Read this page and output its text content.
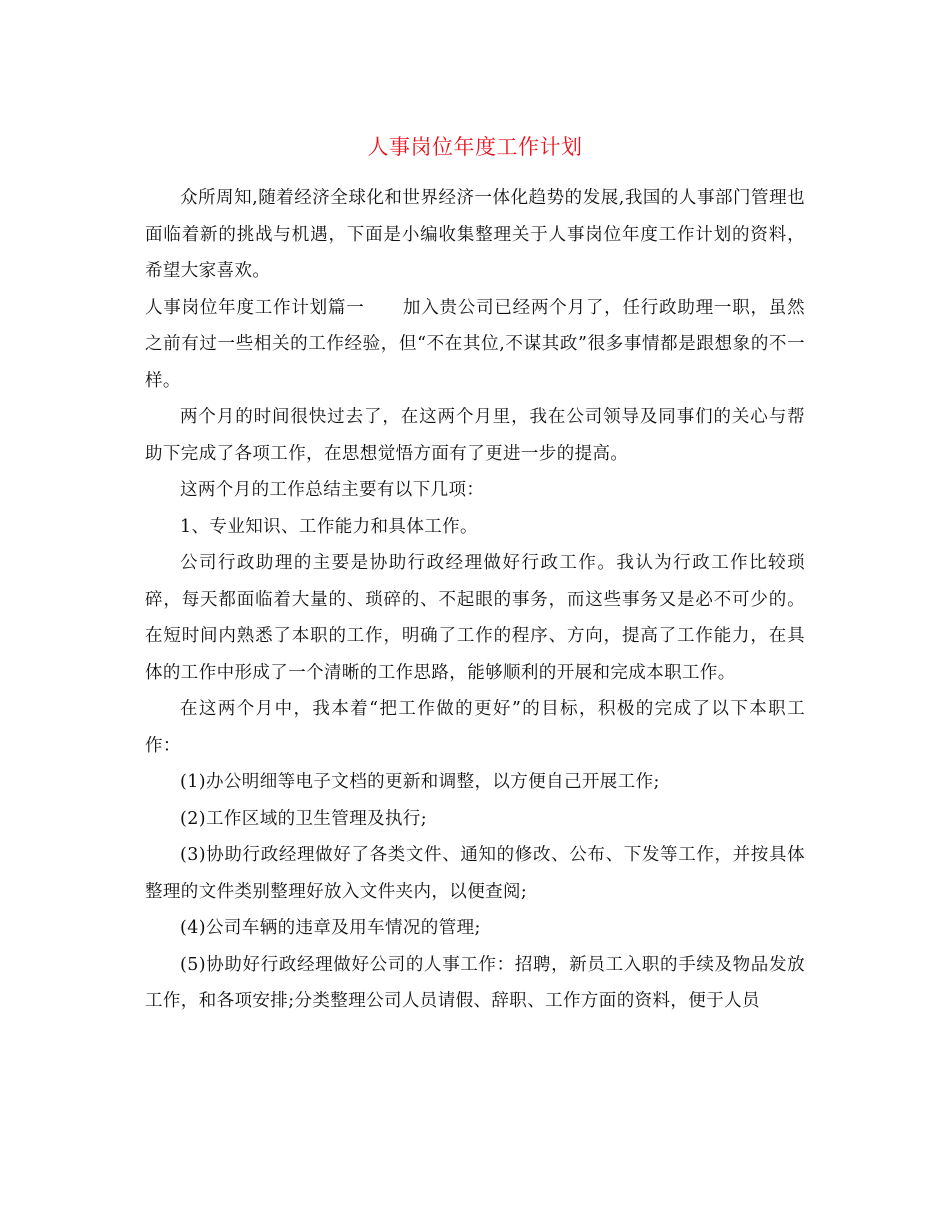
人事岗位年度工作计划

众所周知,随着经济全球化和世界经济一体化趋势的发展,我国的人事部门管理也面临着新的挑战与机遇，下面是小编收集整理关于人事岗位年度工作计划的资料，希望大家喜欢。

人事岗位年度工作计划篇一 加入贵公司已经两个月了，任行政助理一职，虽然之前有过一些相关的工作经验，但“不在其位,不谋其政”很多事情都是跟想象的不一样。

两个月的时间很快过去了，在这两个月里，我在公司领导及同事们的关心与帮助下完成了各项工作，在思想觉悟方面有了更进一步的提高。

这两个月的工作总结主要有以下几项：

1、专业知识、工作能力和具体工作。

公司行政助理的主要是协助行政经理做好行政工作。我认为行政工作比较琐碎，每天都面临着大量的、琐碎的、不起眼的事务，而这些事务又是必不可少的。在短时间内熟悉了本职的工作，明确了工作的程序、方向，提高了工作能力，在具体的工作中形成了一个清晰的工作思路，能够顺利的开展和完成本职工作。

在这两个月中，我本着“把工作做的更好”的目标，积极的完成了以下本职工作：

(1)办公明细等电子文档的更新和调整，以方便自己开展工作;

(2)工作区域的卫生管理及执行;

(3)协助行政经理做好了各类文件、通知的修改、公布、下发等工作，并按具体整理的文件类别整理好放入文件夹内，以便查阅;

(4)公司车辆的违章及用车情况的管理;

(5)协助好行政经理做好公司的人事工作：招聘，新员工入职的手续及物品发放工作，和各项安排;分类整理公司人员请假、辞职、工作方面的资料，便于人员
